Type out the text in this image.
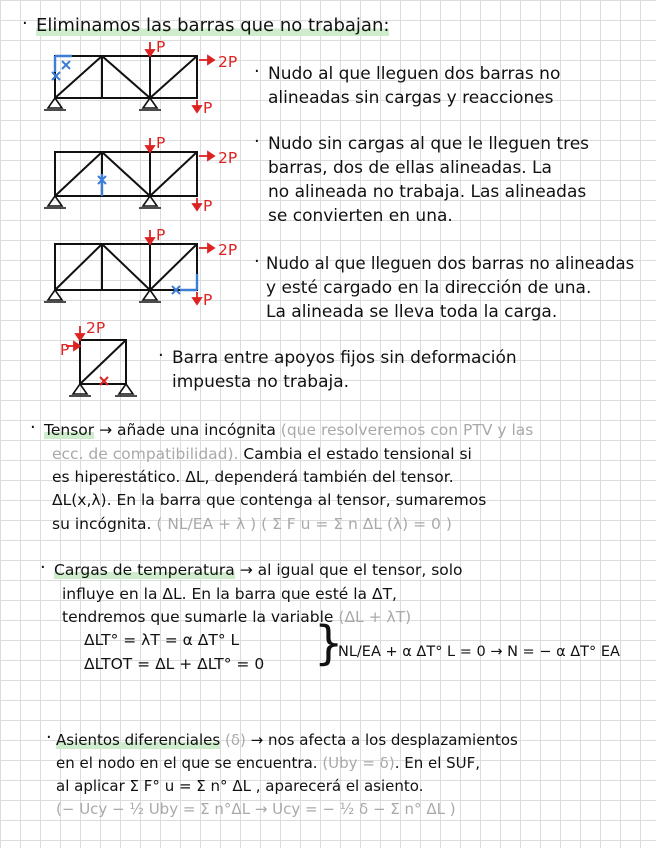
· Eliminamos las barras que no trabajan:
P
2P
P
P
2P
P
P
2P
P
2P
P
· Nudo al que lleguen dos barras no
alineadas sin cargas y reacciones
· Nudo sin cargas al que le lleguen tres
barras, dos de ellas alineadas. La
no alineada no trabaja. Las alineadas
se convierten en una.
· Nudo al que lleguen dos barras no alineadas
y esté cargado en la dirección de una.
La alineada se lleva toda la carga.
· Barra entre apoyos fijos sin deformación
impuesta no trabaja.
· Tensor → añade una incógnita (que resolveremos con PTV y las
ecc. de compatibilidad). Cambia el estado tensional si
es hiperestático. ΔL, dependerá también del tensor.
ΔL(x,λ). En la barra que contenga al tensor, sumaremos
su incógnita. ( NL/EA + λ ) ( Σ F u = Σ n ΔL (λ) = 0 )
· Cargas de temperatura → al igual que el tensor, solo
influye en la ΔL. En la barra que esté la ΔT,
tendremos que sumarle la variable (ΔL + λT)
ΔLT° = λT = α ΔT° L
ΔLTOT = ΔL + ΔLT° = 0 }
NL/EA + α ΔT° L = 0 → N = − α ΔT° EA
· Asientos diferenciales (δ) → nos afecta a los desplazamientos
en el nodo en el que se encuentra. (Uby = δ). En el SUF,
al aplicar Σ F° u = Σ n° ΔL , aparecerá el asiento.
(− Ucy − ½ Uby = Σ n°ΔL → Ucy = − ½ δ − Σ n° ΔL )
